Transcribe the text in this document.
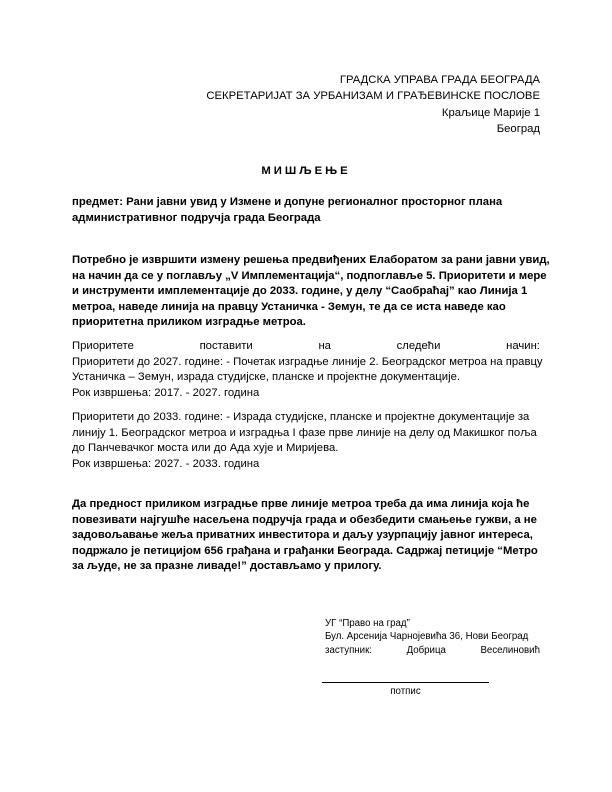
ГРАДСКА УПРАВА ГРАДА БЕОГРАДА
СЕКРЕТАРИЈАТ ЗА УРБАНИЗАМ И ГРАЂЕВИНСКЕ ПОСЛОВЕ
Краљице Марије 1
Београд
МИШЉЕЊЕ
предмет: Рани јавни увид у Измене и допуне регионалног просторног плана
административног подручја града Београда
Потребно је извршити измену решења предвиђених Елаборатом за рани јавни увид,
на начин да се у поглављу „V Имплементација“, подпоглавље 5. Приоритети и мере
и инструменти имплементације до 2033. године, у делу “Саобраћај” као Линија 1
метроа, наведе линија на правцу Устаничка - Земун, те да се иста наведе као
приоритетна приликом изградње метроа.
Приоритете	поставити	на	следећи	начин:
Приоритети до 2027. године: - Почетак изградње линије 2. Београдског метроа на правцу
Устаничка – Земун, израда студијске, планске и пројектне документације.
Рок извршења: 2017. - 2027. година
Приоритети до 2033. године: - Израда студијске, планске и пројектне документације за
линију 1. Београдског метроа и изградња I фазе прве линије на делу од Макишког поља
до Панчевачког моста или до Ада хује и Миријева.
Рок извршења: 2027. - 2033. година
Да предност приликом изградње прве линије метроа треба да има линија која ће
повезивати најгушће насељена подручја града и обезбедити смањење гужви, а не
задовољавање жеља приватних инвеститора и даљу узурпацију јавног интереса,
подржало је петицијом 656 грађана и грађанки Београда. Садржај петиције “Метро
за људе, не за празне ливаде!” достављамо у прилогу.
УГ “Право на град”
Бул. Арсенија Чарнојевића 36, Нови Београд
заступник:	Добрица	Веселиновић
потпис
